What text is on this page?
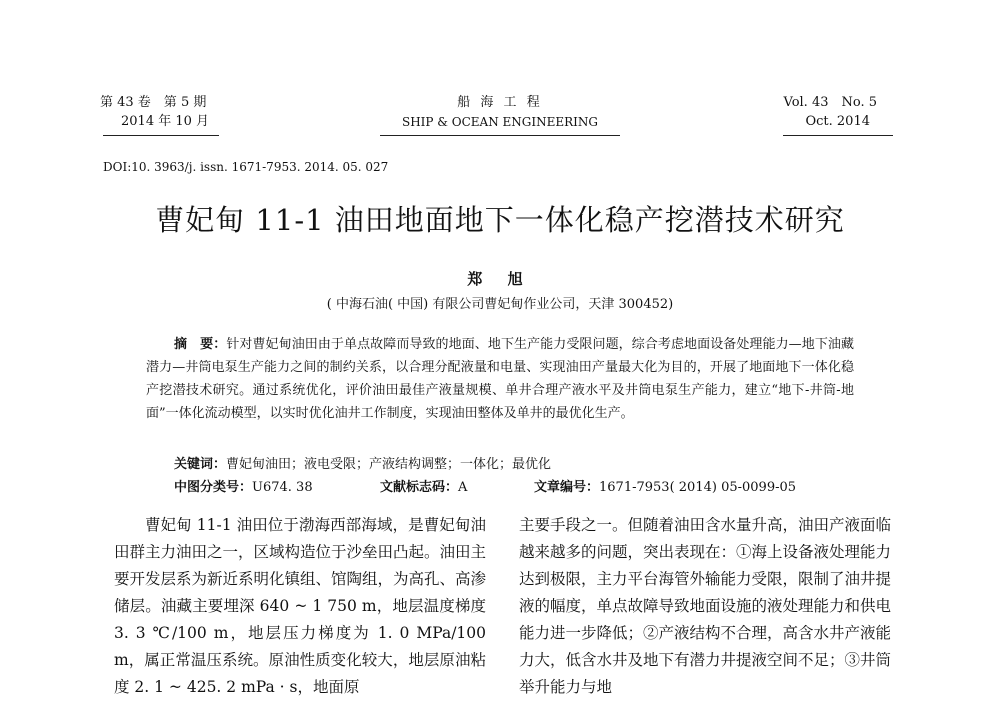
第 43 卷　第 5 期
2014 年 10 月
船 海 工 程
SHIP & OCEAN ENGINEERING
Vol. 43　No. 5
Oct. 2014
DOI:10. 3963/j. issn. 1671-7953. 2014. 05. 027
曹妃甸 11-1 油田地面地下一体化稳产挖潜技术研究
郑 旭
( 中海石油( 中国) 有限公司曹妃甸作业公司，天津 300452)
摘　要：针对曹妃甸油田由于单点故障而导致的地面、地下生产能力受限问题，综合考虑地面设备处理能力—地下油藏潜力—井筒电泵生产能力之间的制约关系，以合理分配液量和电量、实现油田产量最大化为目的，开展了地面地下一体化稳产挖潜技术研究。通过系统优化，评价油田最佳产液量规模、单井合理产液水平及井筒电泵生产能力，建立“地下-井筒-地面”一体化流动模型，以实时优化油井工作制度，实现油田整体及单井的最优化生产。
关键词：曹妃甸油田；液电受限；产液结构调整；一体化；最优化
中图分类号：U674. 38	文献标志码：A	文章编号：1671-7953( 2014) 05-0099-05
曹妃甸 11-1 油田位于渤海西部海域，是曹妃甸油田群主力油田之一，区域构造位于沙垒田凸起。油田主要开发层系为新近系明化镇组、馆陶组，为高孔、高渗储层。油藏主要埋深 640 ~ 1 750 m，地层温度梯度 3. 3 ℃/100 m，地层压力梯度为 1. 0 MPa/100 m，属正常温压系统。原油性质变化较大，地层原油粘度 2. 1 ~ 425. 2 mPa · s，地面原
主要手段之一。但随着油田含水量升高，油田产液面临越来越多的问题，突出表现在：①海上设备液处理能力达到极限，主力平台海管外输能力受限，限制了油井提液的幅度，单点故障导致地面设施的液处理能力和供电能力进一步降低；②产液结构不合理，高含水井产液能力大，低含水井及地下有潜力井提液空间不足；③井筒举升能力与地
